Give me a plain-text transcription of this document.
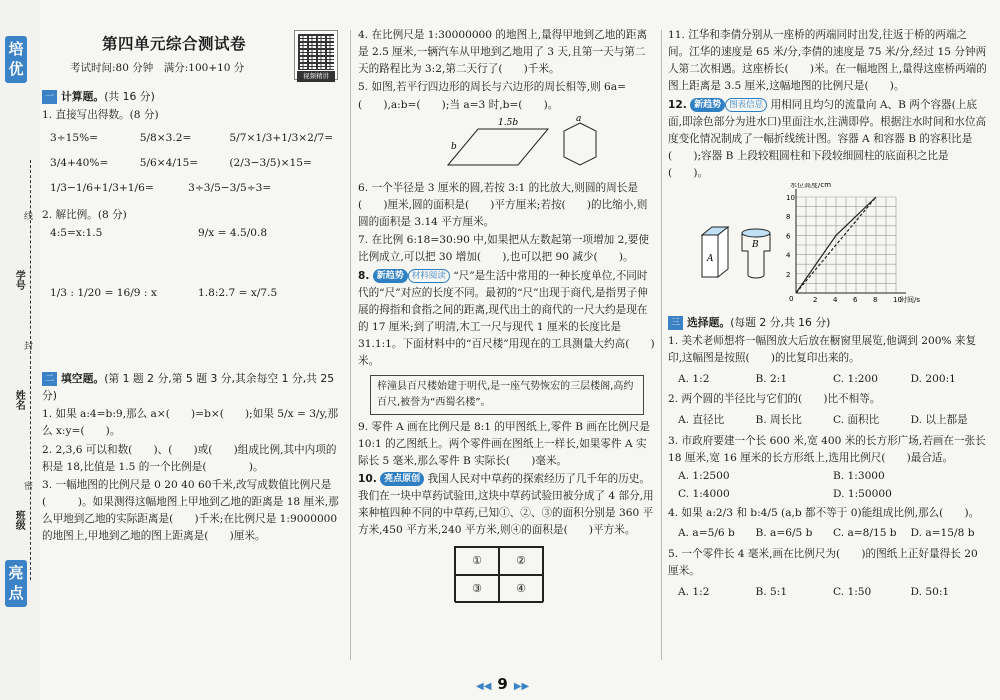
培 优
亮 点
学号
姓名
班级
线
封
密
第四单元综合测试卷
考试时间:80 分钟　满分:100+10 分
视频精讲
一 计算题。(共 16 分)
1. 直接写出得数。(8 分)
3÷15%=	5/8×3.2=	5/7×1/3+1/3×2/7=
3/4+40%=	5/6×4/15=	(2/3−3/5)×15=
1/3−1/6+1/3+1/6=	3÷3/5−3/5÷3=
2. 解比例。(8 分)
4:5=x:1.5	9/x = 4.5/0.8
1/3 : 1/20 = 16/9 : x	1.8:2.7 = x/7.5
二 填空题。(第 1 题 2 分,第 5 题 3 分,其余每空 1 分,共 25 分)
1. 如果 a:4=b:9,那么 a×(　　)=b×(　　);如果 5/x = 3/y,那么 x:y=(　　)。
2. 2,3,6 可以和数(　　)、(　　)或(　　)组成比例,其中内项的积是 18,比值是 1.5 的一个比例是(　　　　)。
3. 一幅地图的比例尺是 0 20 40 60千米,改写成数值比例尺是(　　　)。如果测得这幅地图上甲地到乙地的距离是 18 厘米,那么甲地到乙地的实际距离是(　　)千米;在比例尺是 1:9000000 的地图上,甲地到乙地的图上距离是(　　)厘米。
4. 在比例尺是 1:30000000 的地图上,量得甲地到乙地的距离是 2.5 厘米,一辆汽车从甲地到乙地用了 3 天,且第一天与第二天的路程比为 3:2,第二天行了(　　)千米。
5. 如图,若平行四边形的周长与六边形的周长相等,则 6a=(　　),a:b=(　　);当 a=3 时,b=(　　)。
1.5b
b
a
6. 一个半径是 3 厘米的圆,若按 3:1 的比放大,则圆的周长是(　　)厘米,圆的面积是(　　)平方厘米;若按(　　)的比缩小,则圆的面积是 3.14 平方厘米。
7. 在比例 6:18=30:90 中,如果把从左数起第一项增加 2,要使比例成立,可以把 30 增加(　　),也可以把 90 减少(　　)。
8. 新趋势 材料阅读 “尺”是生活中常用的一种长度单位,不同时代的“尺”对应的长度不同。最初的“尺”出现于商代,是指男子伸展的拇指和食指之间的距离,现代出土的商代的一尺大约是现在的 17 厘米;到了明清,木工一尺与现代 1 厘米的长度比是 31.1:1。下面材料中的“百尺楼”用现在的工具测量大约高(　　)米。
梓潼县百尺楼始建于明代,是一座气势恢宏的三层楼阁,高约百尺,被誉为“西蜀名楼”。
9. 零件 A 画在比例尺是 8:1 的甲图纸上,零件 B 画在比例尺是 10:1 的乙图纸上。两个零件画在图纸上一样长,如果零件 A 实际长 5 毫米,那么零件 B 实际长(　　)毫米。
10. 亮点原创 我国人民对中草药的探索经历了几千年的历史。我们在一块中草药试验田,这块中草药试验田被分成了 4 部分,用来种植四种不同的中草药,已知①、②、③的面积分别是 360 平方米,450 平方米,240 平方米,则④的面积是(　　)平方米。
①	②
③	④
11. 江华和李倩分别从一座桥的两端同时出发,往返于桥的两端之间。江华的速度是 65 米/分,李倩的速度是 75 米/分,经过 15 分钟两人第二次相遇。这座桥长(　　)米。在一幅地图上,量得这座桥两端的图上距离是 3.5 厘米,这幅地图的比例尺是(　　)。
12. 新趋势 图表信息 用相同且均匀的流量向 A、B 两个容器(上底面,即涂色部分为进水口)里面注水,注满即停。根据注水时间和水位高度变化情况制成了一幅折线统计图。容器 A 和容器 B 的容积比是(　　);容器 B 上段较粗圆柱和下段较细圆柱的底面积之比是(　　)。
A
B
水位高度/cm
时间/s
0	2 4 6 8 10
2
4
6
8
10
三 选择题。(每题 2 分,共 16 分)
1. 美术老师想将一幅图放大后放在橱窗里展览,他调到 200% 来复印,这幅图是按照(　　)的比复印出来的。
A. 1:2	B. 2:1	C. 1:200	D. 200:1
2. 两个圆的半径比与它们的(　　)比不相等。
A. 直径比	B. 周长比	C. 面积比	D. 以上都是
3. 市政府要建一个长 600 米,宽 400 米的长方形广场,若画在一张长 18 厘米,宽 16 厘米的长方形纸上,选用比例尺(　　)最合适。
A. 1:2500	B. 1:3000
C. 1:4000	D. 1:50000
4. 如果 a:2/3 和 b:4/5 (a,b 都不等于 0)能组成比例,那么(　　)。
A. a=5/6 b	B. a=6/5 b	C. a=8/15 b	D. a=15/8 b
5. 一个零件长 4 毫米,画在比例尺为(　　)的图纸上正好量得长 20 厘米。
A. 1:2	B. 5:1	C. 1:50	D. 50:1
◀◀ 9 ▶▶
